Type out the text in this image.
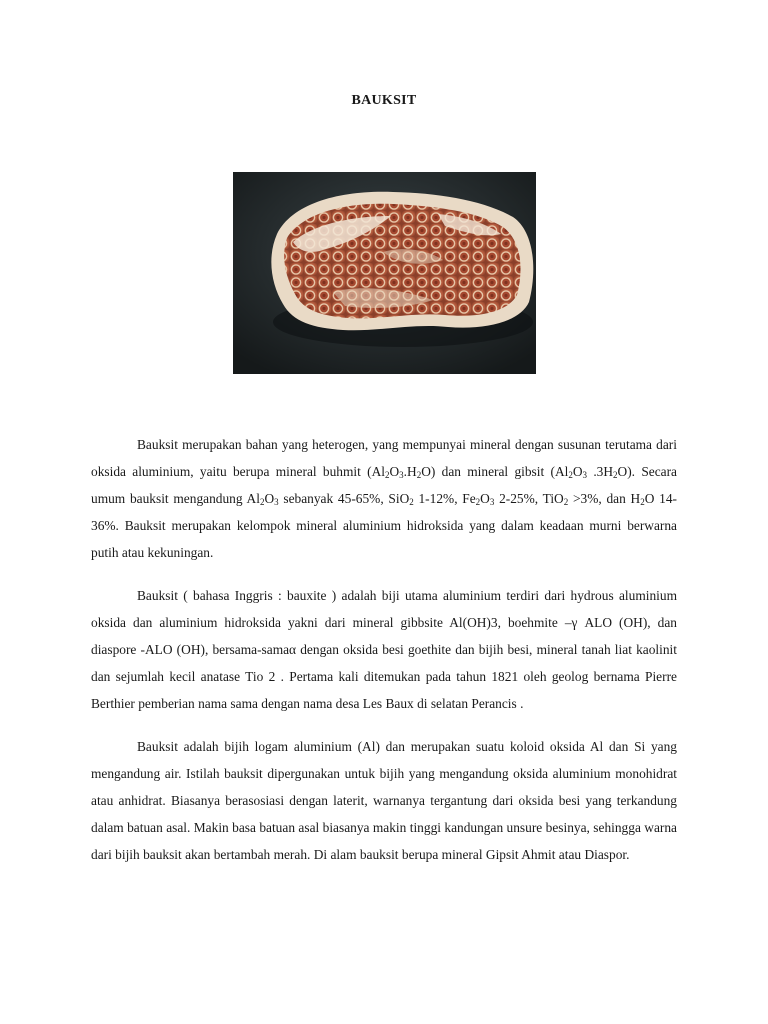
BAUKSIT

Bauksit merupakan bahan yang heterogen, yang mempunyai mineral dengan susunan terutama dari oksida aluminium, yaitu berupa mineral buhmit $(Al_2O_3.H_2O)$ dan mineral gibsit ($Al_2O_3$ $.3H_2O$). Secara umum bauksit mengandung $Al_2O_3$ sebanyak 45-65%, SiO$_2$ 1-12%, $Fe_2O_3$ 2-25%, TiO$_2$ >3%, dan $H_2O$ 14-36%. Bauksit merupakan kelompok mineral aluminium hidroksida yang dalam keadaan murni berwarna putih atau kekuningan.

Bauksit ( bahasa Inggris : bauxite ) adalah biji utama aluminium terdiri dari hydrous aluminium oksida dan aluminium hidroksida yakni dari mineral gibbsite Al(OH)3, boehmite –γ ALO (OH), dan diaspore -ALO (OH), bersama-samaα dengan oksida besi goethite dan bijih besi, mineral tanah liat kaolinit dan sejumlah kecil anatase Tio 2 . Pertama kali ditemukan pada tahun 1821 oleh geolog bernama Pierre Berthier pemberian nama sama dengan nama desa Les Baux di selatan Perancis .

Bauksit adalah bijih logam aluminium (Al) dan merupakan suatu koloid oksida Al dan Si yang mengandung air. Istilah bauksit dipergunakan untuk bijih yang mengandung oksida aluminium monohidrat atau anhidrat. Biasanya berasosiasi dengan laterit, warnanya tergantung dari oksida besi yang terkandung dalam batuan asal. Makin basa batuan asal biasanya makin tinggi kandungan unsure besinya, sehingga warna dari bijih bauksit akan bertambah merah. Di alam bauksit berupa mineral Gipsit Ahmit atau Diaspor.
